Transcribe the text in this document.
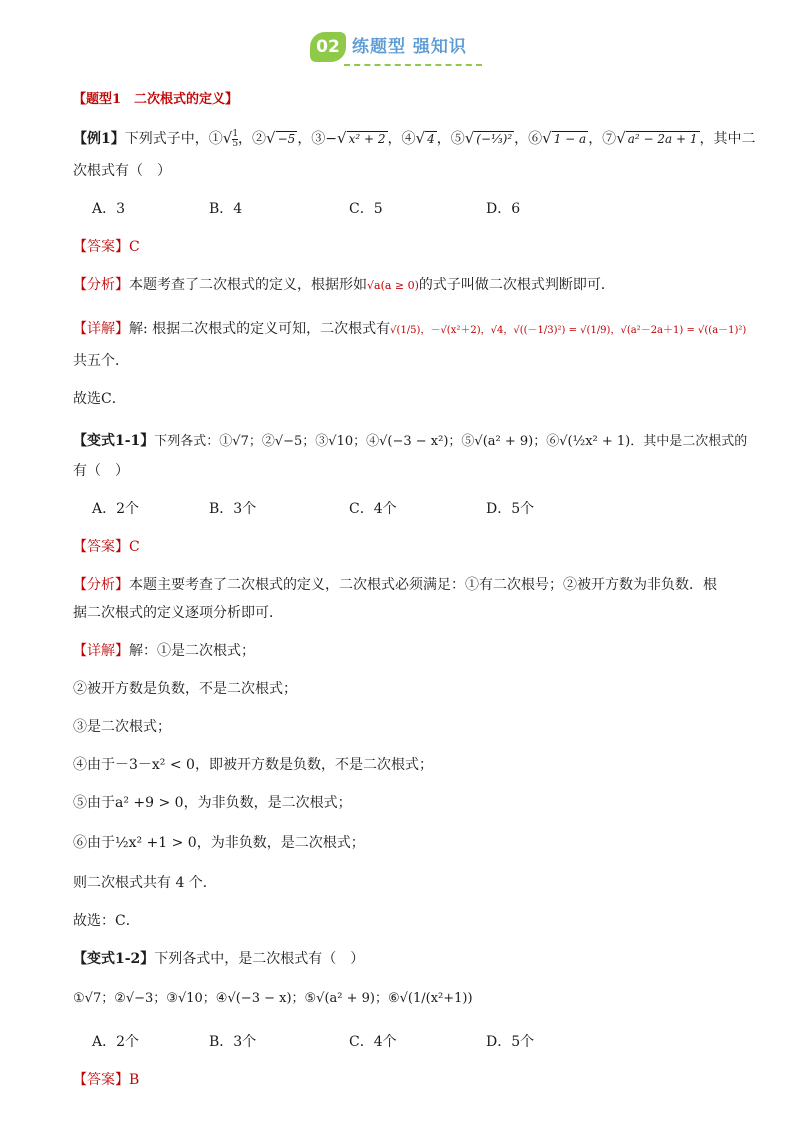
02 练题型 强知识
【题型1　二次根式的定义】
【例1】下列式子中，①√ $\frac{1}{5}$ ，②√ −5 ，③−√ x² + 2 ，④√ 4 ，⑤√ (−⅓)² ，⑥√ 1 − a ，⑦√ a² − 2a + 1 ，其中二
次根式有（　）
A．3	B．4	C．5	D．6
【答案】C
【分析】本题考查了二次根式的定义，根据形如√a(a ≥ 0)的式子叫做二次根式判断即可．
【详解】解: 根据二次根式的定义可知，二次根式有√(1/5)，－√(x²＋2)，√4，√((－1/3)²) = √(1/9)，√(a²－2a＋1) = √((a－1)²)
共五个．
故选C．
【变式1-1】下列各式：①√7；②√−5；③√10；④√(−3 − x²)；⑤√(a² + 9)；⑥√(½x² + 1)．其中是二次根式的
有（　）
A．2个	B．3个	C．4个	D．5个
【答案】C
【分析】本题主要考查了二次根式的定义，二次根式必须满足：①有二次根号；②被开方数为非负数．根
据二次根式的定义逐项分析即可．
【详解】解：①是二次根式；
②被开方数是负数，不是二次根式；
③是二次根式；
④由于－3－x² < 0，即被开方数是负数，不是二次根式；
⑤由于a² +9 > 0，为非负数，是二次根式；
⑥由于½x² +1 > 0，为非负数，是二次根式；
则二次根式共有 4 个．
故选：C．
【变式1-2】下列各式中，是二次根式有（　）
①√7；②√−3；③√10；④√(−3 − x)；⑤√(a² + 9)；⑥√(1/(x²+1))
A．2个	B．3个	C．4个	D．5个
【答案】B
